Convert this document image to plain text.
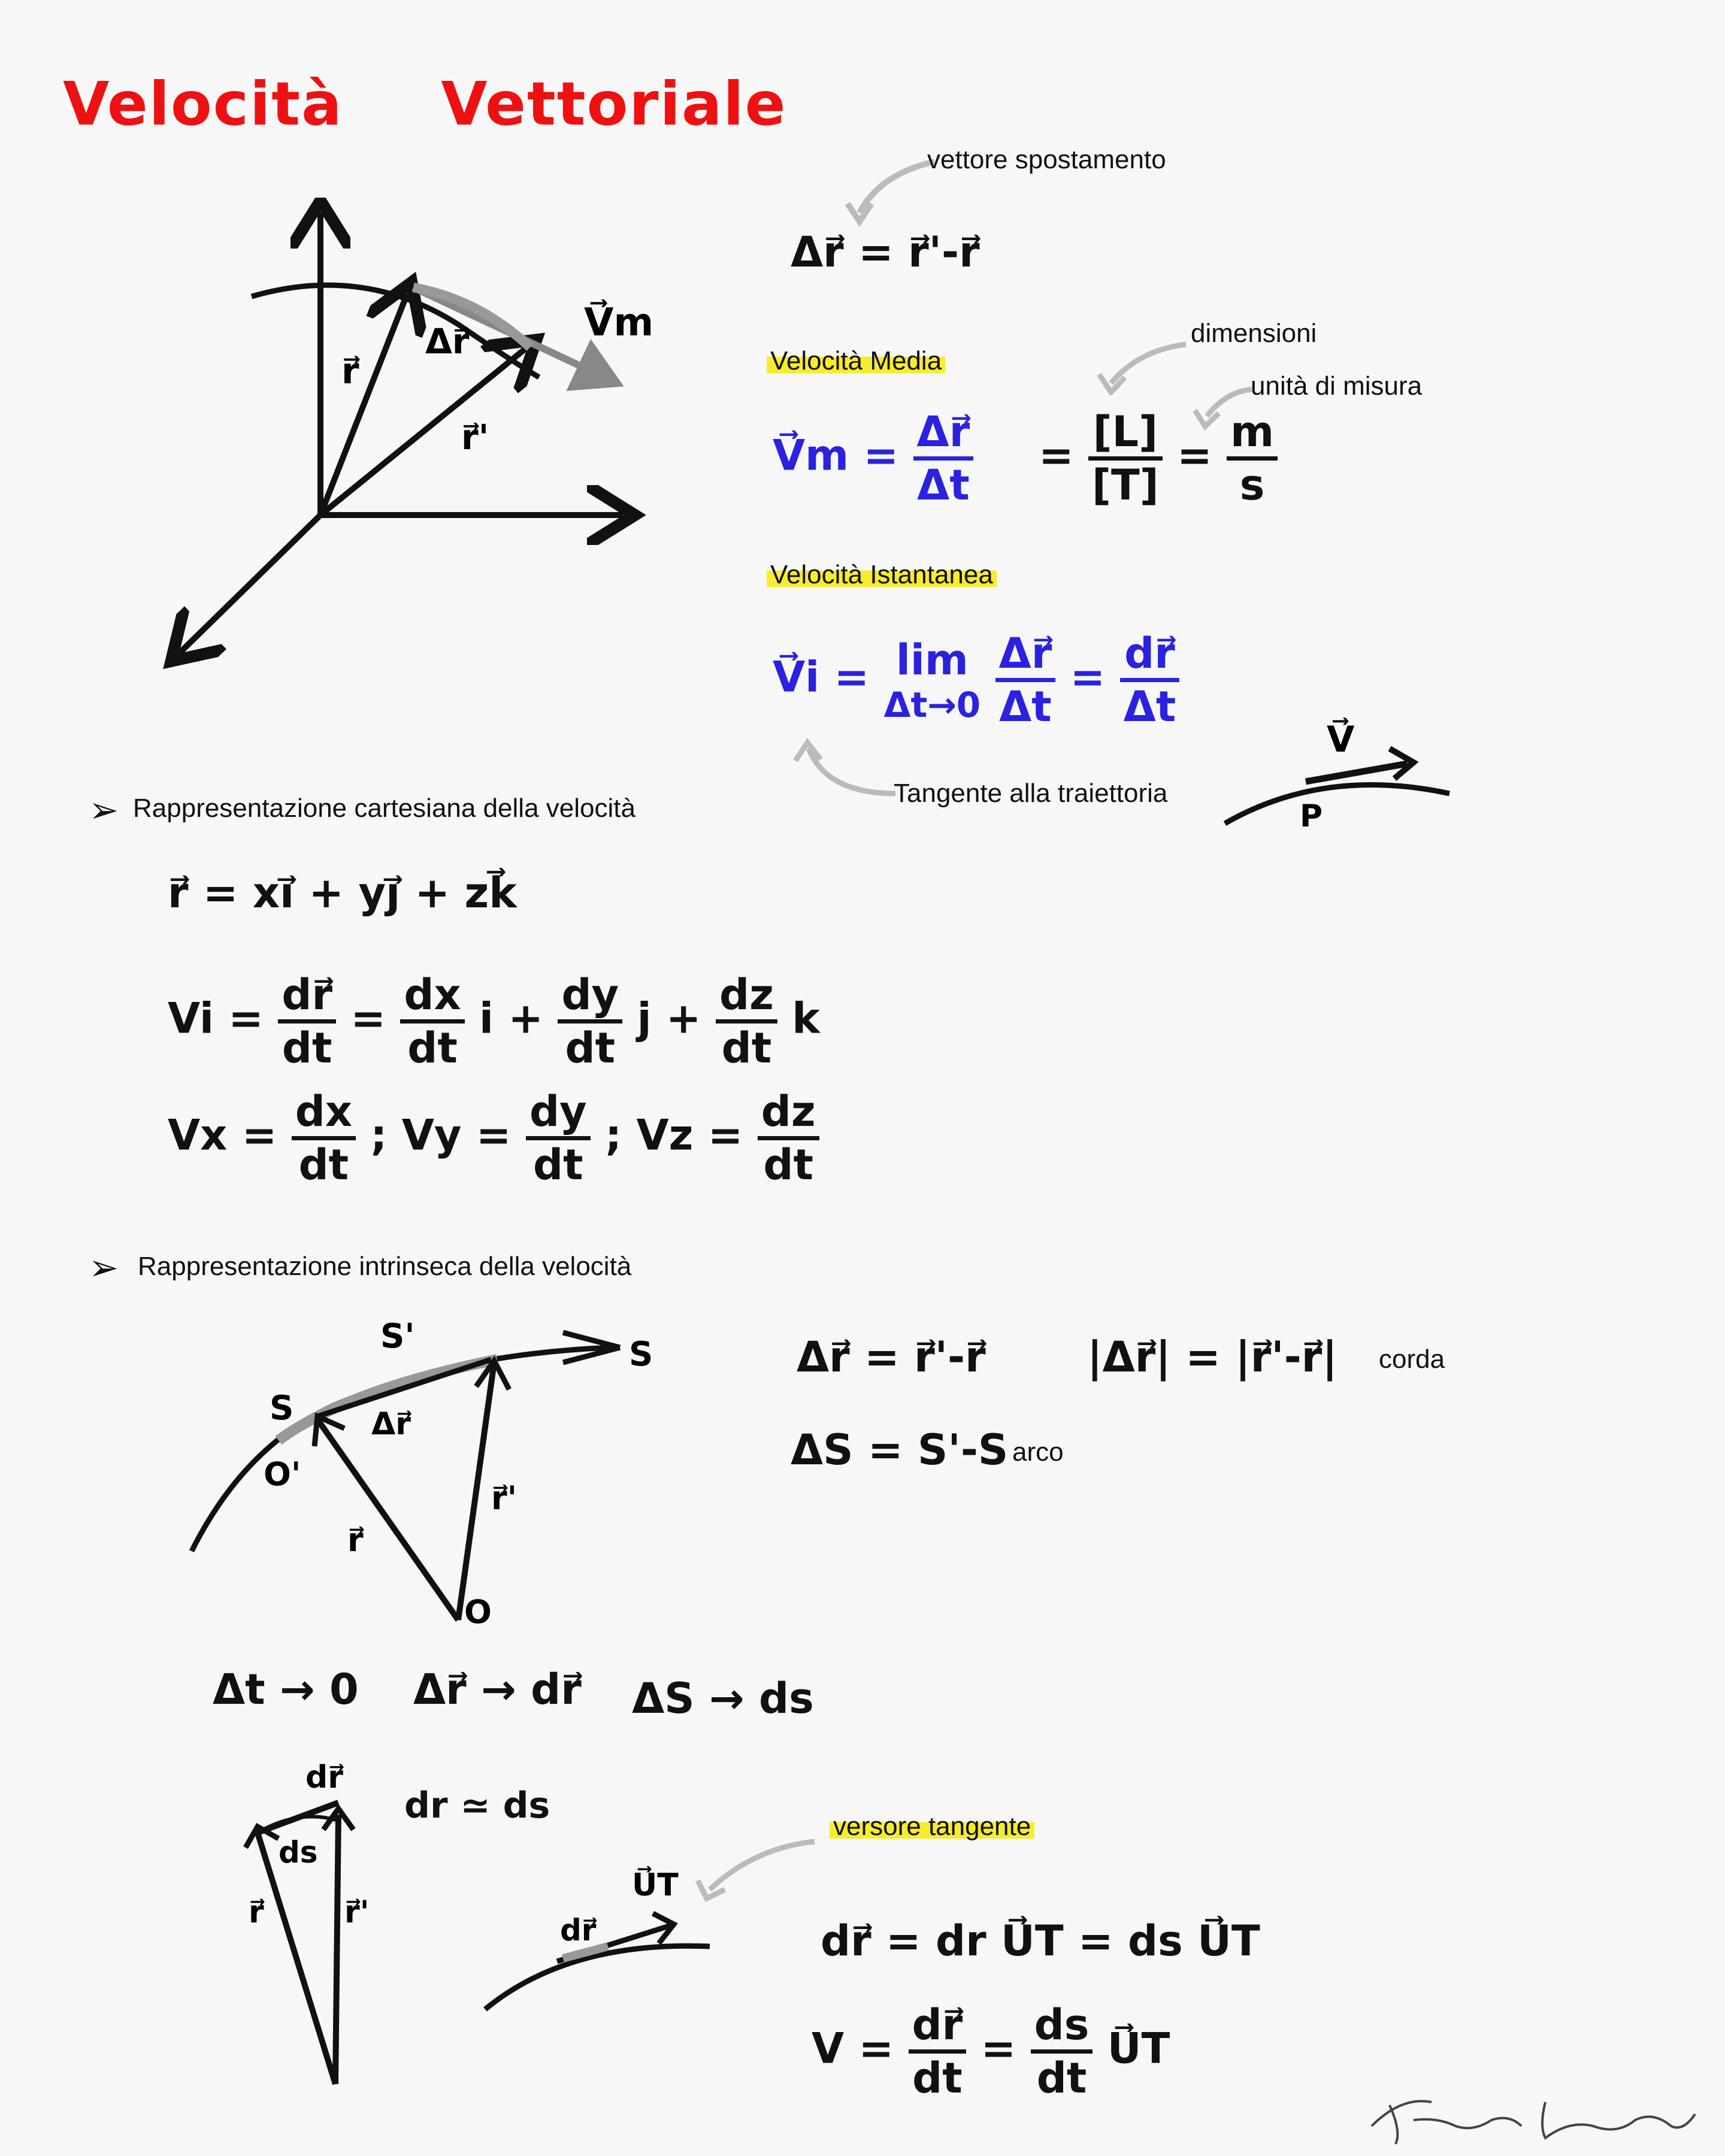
Velocità Vettoriale
r⃗
Δr⃗
r⃗'
V⃗m
vettore spostamento
Δr⃗ = r⃗'-r⃗
Velocità Media
dimensioni
unità di misura
V⃗m = $\frac{\Delta r⃗}{\Delta t} = \frac{[L]}{[T]} = \frac{m}{s}$
Velocità Istantanea
V⃗i = lim
Δt→0
$\frac{\Delta r⃗}{\Delta t} = \frac{dr⃗}{\Delta t}$
Tangente alla traiettoria
V⃗
P
➢ Rappresentazione cartesiana della velocità
r⃗ = xi⃗ + yj⃗ + zk⃗
$Vi = \frac{dr⃗}{dt} = \frac{dx}{dt}$ $i + \frac{dy}{dt}$ $j + \frac{dz}{dt}$ k
$Vx = \frac{dx}{dt}$ ; $Vy = \frac{dy}{dt}$ ; $Vz = \frac{dz}{dt}$
➢ Rappresentazione intrinseca della velocità
S'	S
S Δr⃗
O'
r⃗'
r⃗
O
Δr⃗ = r⃗'-r⃗ |Δr⃗| = |r⃗'-r⃗| corda
ΔS = S'-S arco
Δt → 0 Δr⃗ → dr⃗ ΔS → ds
dr⃗
ds
r⃗	r⃗'
dr ≃ ds	versore tangente
U⃗T
dr⃗	dr⃗ = dr U⃗T = ds U⃗T
$V = \frac{dr⃗}{dt} = \frac{ds}{dt}$ U⃗T
